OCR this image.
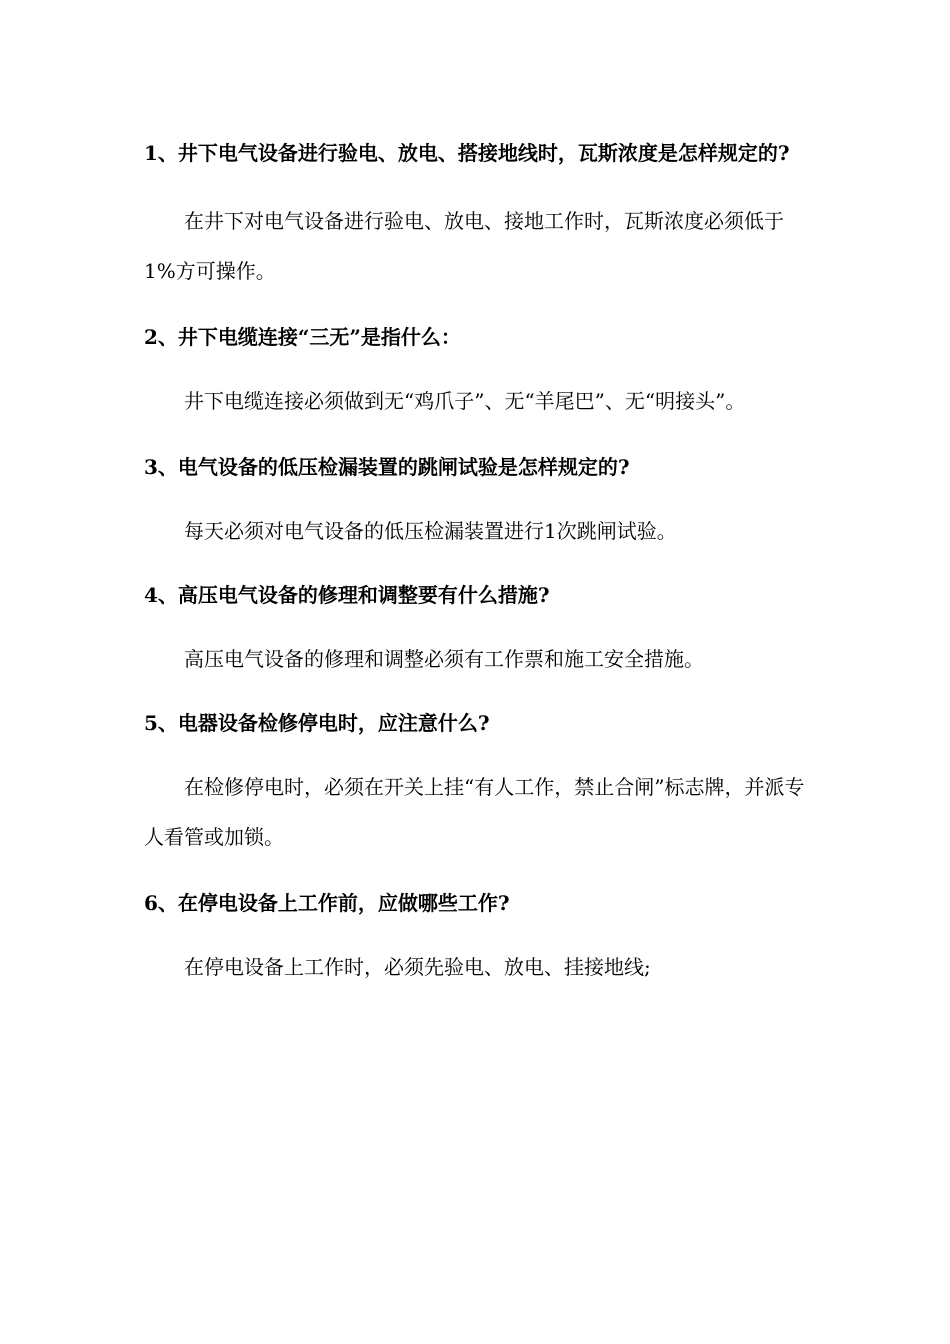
1、井下电气设备进行验电、放电、搭接地线时，瓦斯浓度是怎样规定的?

在井下对电气设备进行验电、放电、接地工作时，瓦斯浓度必须低于1%方可操作。

2、井下电缆连接“三无”是指什么：

井下电缆连接必须做到无“鸡爪子”、无“羊尾巴”、无“明接头”。

3、电气设备的低压检漏装置的跳闸试验是怎样规定的?

每天必须对电气设备的低压检漏装置进行1次跳闸试验。

4、高压电气设备的修理和调整要有什么措施?

高压电气设备的修理和调整必须有工作票和施工安全措施。

5、电器设备检修停电时，应注意什么?

在检修停电时，必须在开关上挂“有人工作，禁止合闸”标志牌，并派专人看管或加锁。

6、在停电设备上工作前，应做哪些工作?

在停电设备上工作时，必须先验电、放电、挂接地线;
